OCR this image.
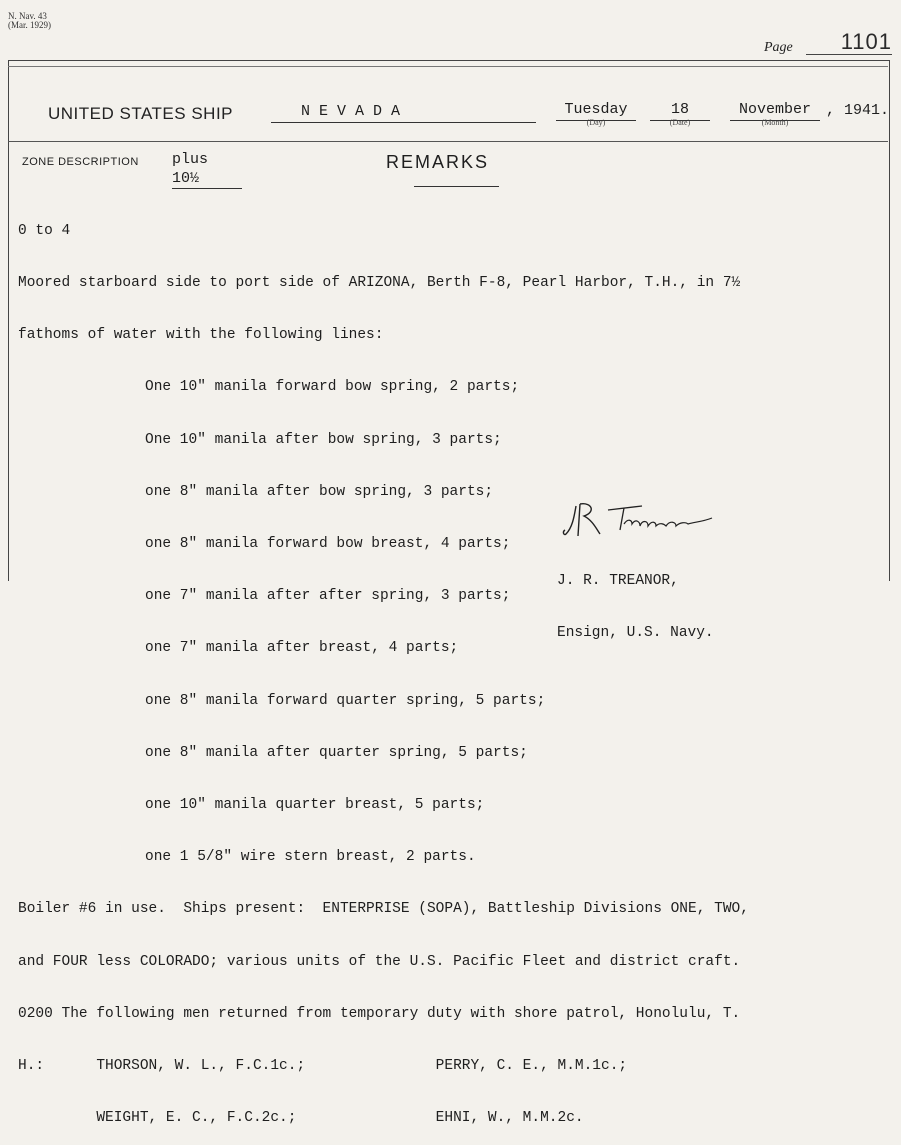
N. Nav. 43
(Mar. 1929)
Page	1101
UNITED STATES SHIP	NEVADA	Tuesday
(Day)
18
(Date)
November
(Month)
, 1941.
ZONE DESCRIPTION plus 10½
REMARKS

0 to 4

Moored starboard side to port side of ARIZONA, Berth F-8, Pearl Harbor, T.H., in 7½

fathoms of water with the following lines:

One 10" manila forward bow spring, 2 parts;

One 10" manila after bow spring, 3 parts;

one 8" manila after bow spring, 3 parts;

one 8" manila forward bow breast, 4 parts;

one 7" manila after after spring, 3 parts;

one 7" manila after breast, 4 parts;

one 8" manila forward quarter spring, 5 parts;

one 8" manila after quarter spring, 5 parts;

one 10" manila quarter breast, 5 parts;

one 1 5/8" wire stern breast, 2 parts.

Boiler #6 in use.  Ships present:  ENTERPRISE (SOPA), Battleship Divisions ONE, TWO,

and FOUR less COLORADO; various units of the U.S. Pacific Fleet and district craft.

0200 The following men returned from temporary duty with shore patrol, Honolulu, T.

H.:      THORSON, W. L., F.C.1c.;               PERRY, C. E., M.M.1c.;

WEIGHT, E. C., F.C.2c.;                EHNI, W., M.M.2c.

J. R. TREANOR,

Ensign, U.S. Navy.
